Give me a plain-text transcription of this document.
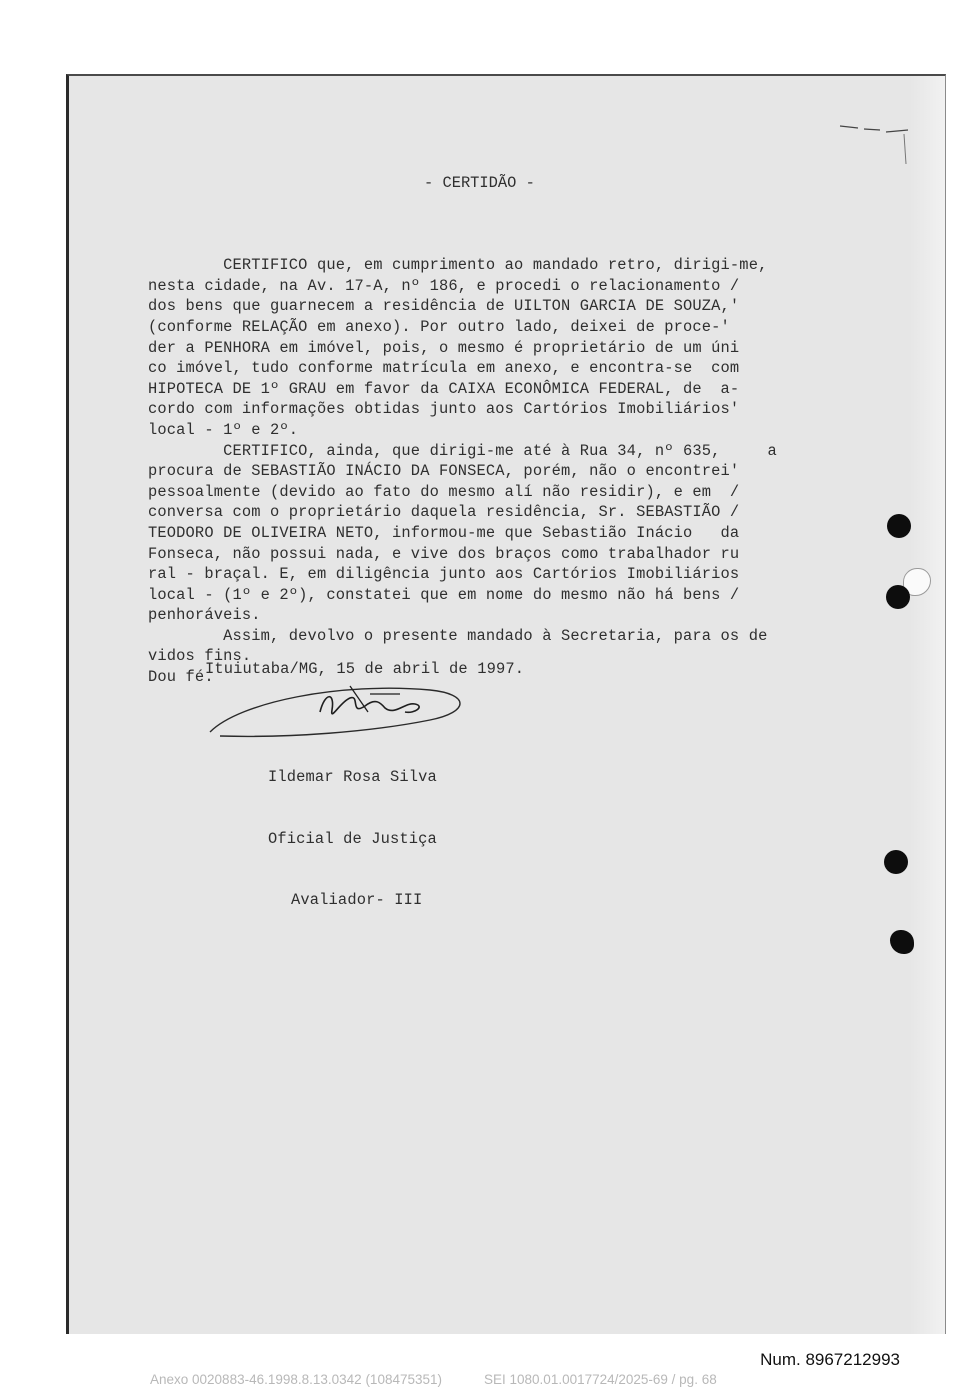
- CERTIDÃO -

CERTIFICO que, em cumprimento ao mandado retro, dirigi-me,
nesta cidade, na Av. 17-A, nº 186, e procedi o relacionamento /
dos bens que guarnecem a residência de UILTON GARCIA DE SOUZA,'
(conforme RELAÇÃO em anexo). Por outro lado, deixei de proce-'
der a PENHORA em imóvel, pois, o mesmo é proprietário de um úni
co imóvel, tudo conforme matrícula em anexo, e encontra-se  com
HIPOTECA DE 1º GRAU em favor da CAIXA ECONÔMICA FEDERAL, de  a-
cordo com informações obtidas junto aos Cartórios Imobiliários'
local - 1º e 2º.
CERTIFICO, ainda, que dirigi-me até à Rua 34, nº 635,     a
procura de SEBASTIÃO INÁCIO DA FONSECA, porém, não o encontrei'
pessoalmente (devido ao fato do mesmo alí não residir), e em  /
conversa com o proprietário daquela residência, Sr. SEBASTIÃO /
TEODORO DE OLIVEIRA NETO, informou-me que Sebastião Inácio   da
Fonseca, não possui nada, e vive dos braços como trabalhador ru
ral - braçal. E, em diligência junto aos Cartórios Imobiliários
local - (1º e 2º), constatei que em nome do mesmo não há bens /
penhoráveis.
Assim, devolvo o presente mandado à Secretaria, para os de
vidos fins.
Dou fé.

Ituiutaba/MG, 15 de abril de 1997.

Ildemar Rosa Silva

Oficial de Justiça

Avaliador- III

Num. 8967212993
Anexo 0020883-46.1998.8.13.0342 (108475351)	SEI 1080.01.0017724/2025-69 / pg. 68
